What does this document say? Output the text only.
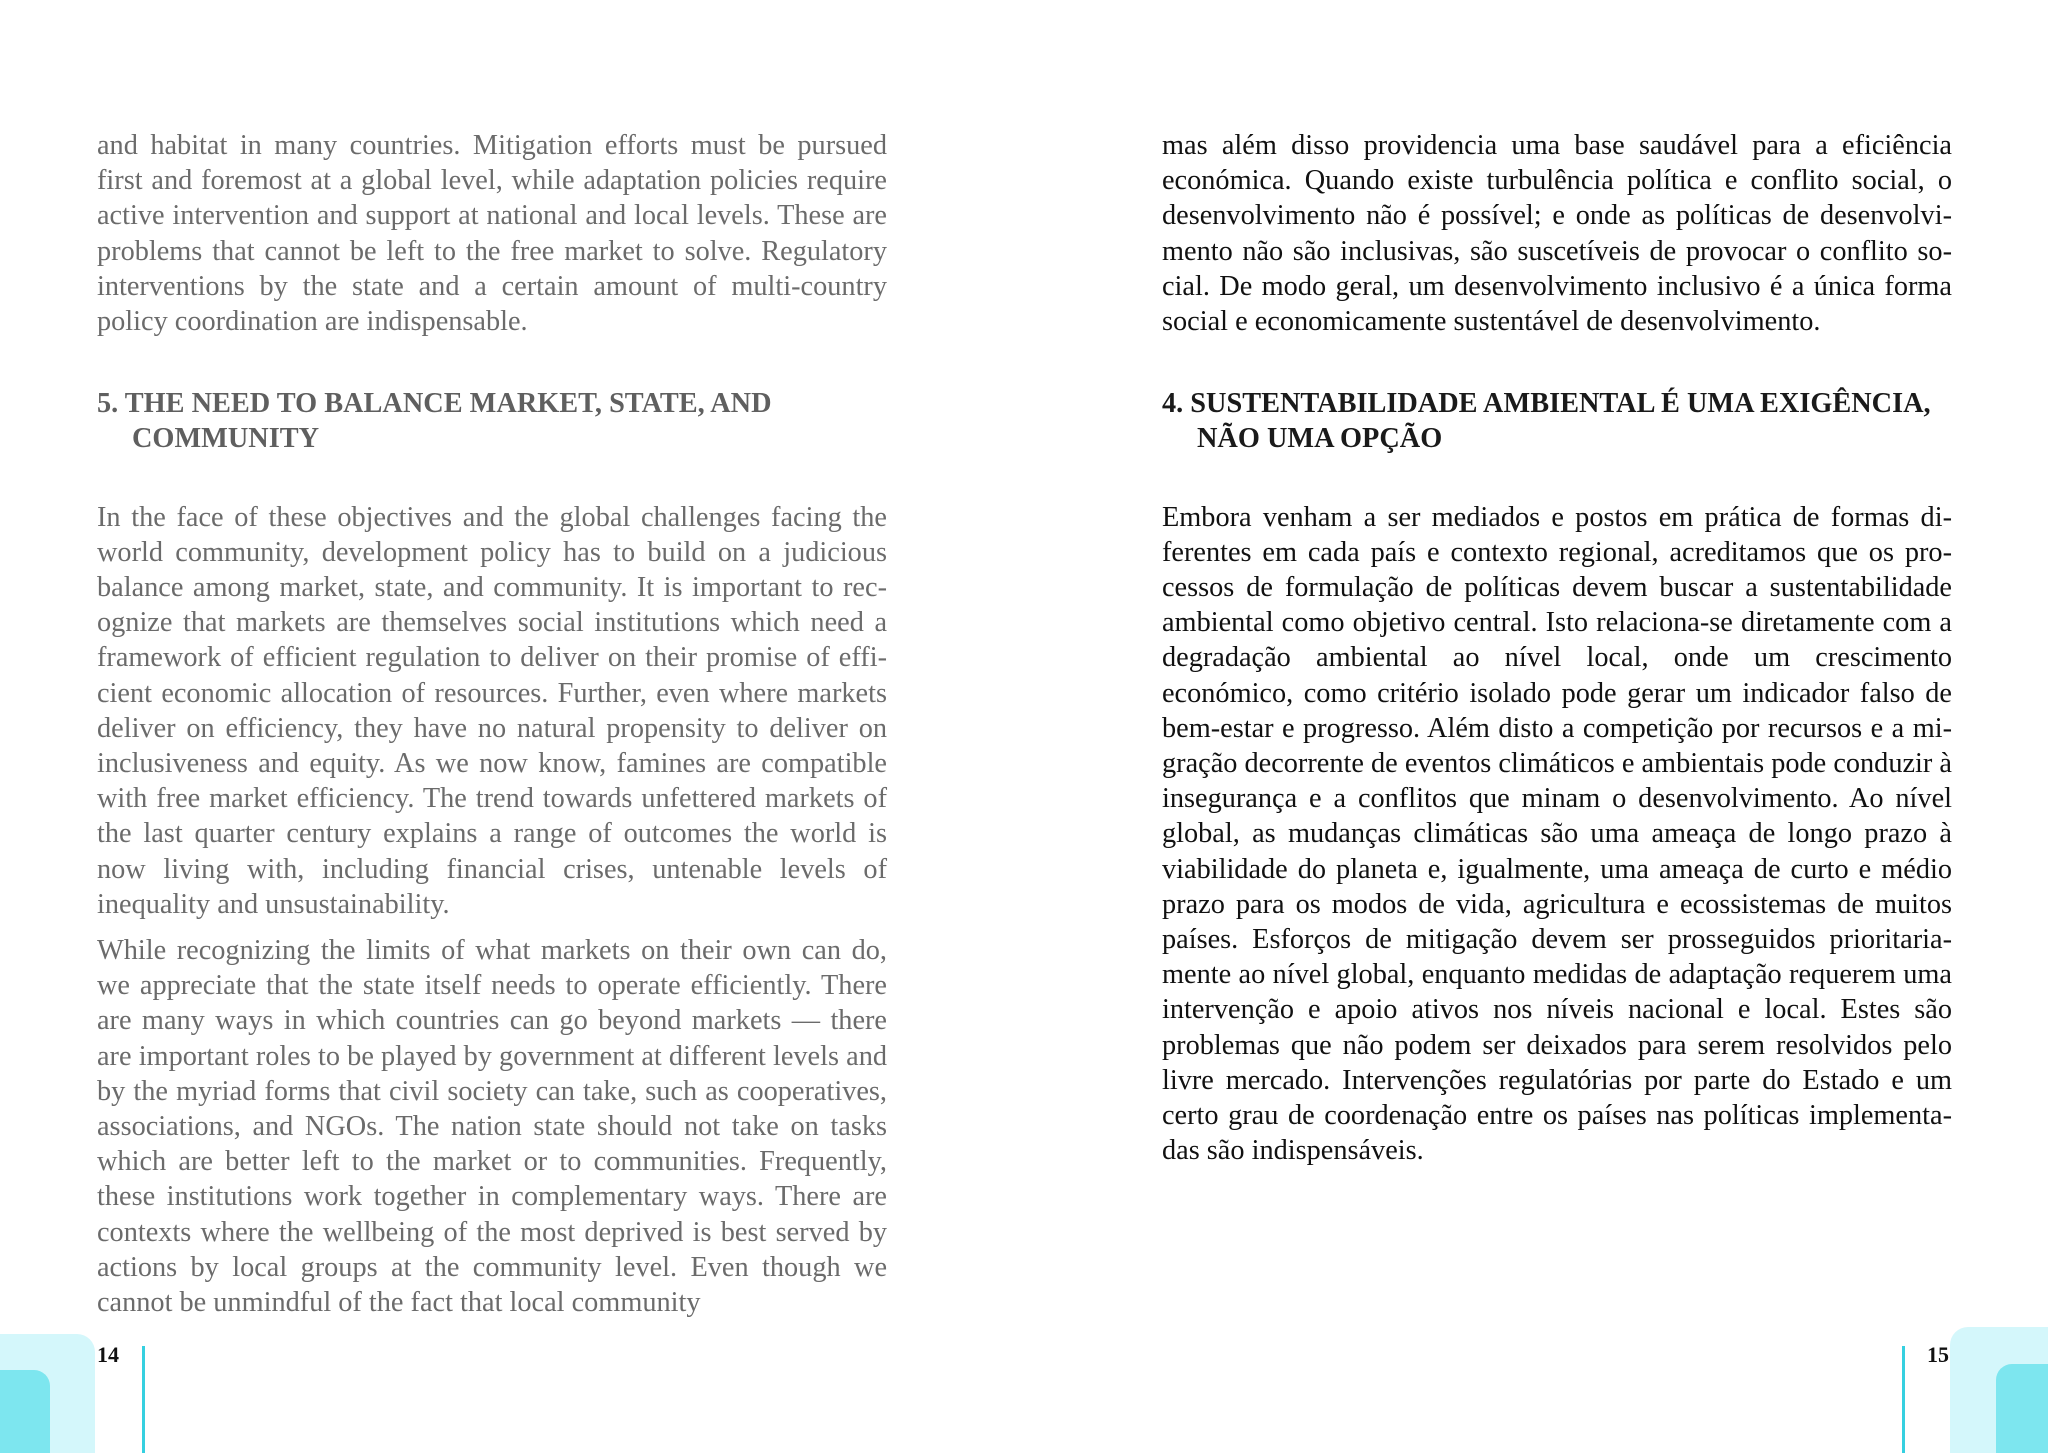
and habitat in many countries. Mitigation efforts must be pursued first and foremost at a global level, while adaptation policies require active intervention and support at national and local levels. These are problems that cannot be left to the free market to solve. Regulatory interventions by the state and a certain amount of multi-country policy coordination are indispensable.

5. THE NEED TO BALANCE MARKET, STATE, AND COMMUNITY

In the face of these objectives and the global challenges facing the world community, development policy has to build on a judicious balance among market, state, and community. It is important to recognize that markets are themselves social institutions which need a framework of efficient regulation to deliver on their promise of efficient economic allocation of resources. Further, even where markets deliver on efficiency, they have no natural propensity to deliver on inclusiveness and equity. As we now know, famines are compatible with free market efficiency. The trend towards unfettered markets of the last quarter century explains a range of outcomes the world is now living with, including financial crises, untenable levels of inequality and unsustainability.

While recognizing the limits of what markets on their own can do, we appreciate that the state itself needs to operate efficiently. There are many ways in which countries can go beyond markets — there are important roles to be played by government at different levels and by the myriad forms that civil society can take, such as cooperatives, associations, and NGOs. The nation state should not take on tasks which are better left to the market or to communities. Frequently, these institutions work together in complementary ways. There are contexts where the wellbeing of the most deprived is best served by actions by local groups at the community level. Even though we cannot be unmindful of the fact that local community

mas além disso providencia uma base saudável para a eficiência económica. Quando existe turbulência política e conflito social, o desenvolvimento não é possível; e onde as políticas de desenvolvimento não são inclusivas, são suscetíveis de provocar o conflito social. De modo geral, um desenvolvimento inclusivo é a única forma social e economicamente sustentável de desenvolvimento.

4. SUSTENTABILIDADE AMBIENTAL É UMA EXIGÊNCIA, NÃO UMA OPÇÃO

Embora venham a ser mediados e postos em prática de formas diferentes em cada país e contexto regional, acreditamos que os processos de formulação de políticas devem buscar a sustentabilidade ambiental como objetivo central. Isto relaciona-se diretamente com a degradação ambiental ao nível local, onde um crescimento económico, como critério isolado pode gerar um indicador falso de bem-estar e progresso. Além disto a competição por recursos e a migração decorrente de eventos climáticos e ambientais pode conduzir à insegurança e a conflitos que minam o desenvolvimento. Ao nível global, as mudanças climáticas são uma ameaça de longo prazo à viabilidade do planeta e, igualmente, uma ameaça de curto e médio prazo para os modos de vida, agricultura e ecossistemas de muitos países. Esforços de mitigação devem ser prosseguidos prioritariamente ao nível global, enquanto medidas de adaptação requerem uma intervenção e apoio ativos nos níveis nacional e local. Estes são problemas que não podem ser deixados para serem resolvidos pelo livre mercado. Intervenções regulatórias por parte do Estado e um certo grau de coordenação entre os países nas políticas implementadas são indispensáveis.

14	15
